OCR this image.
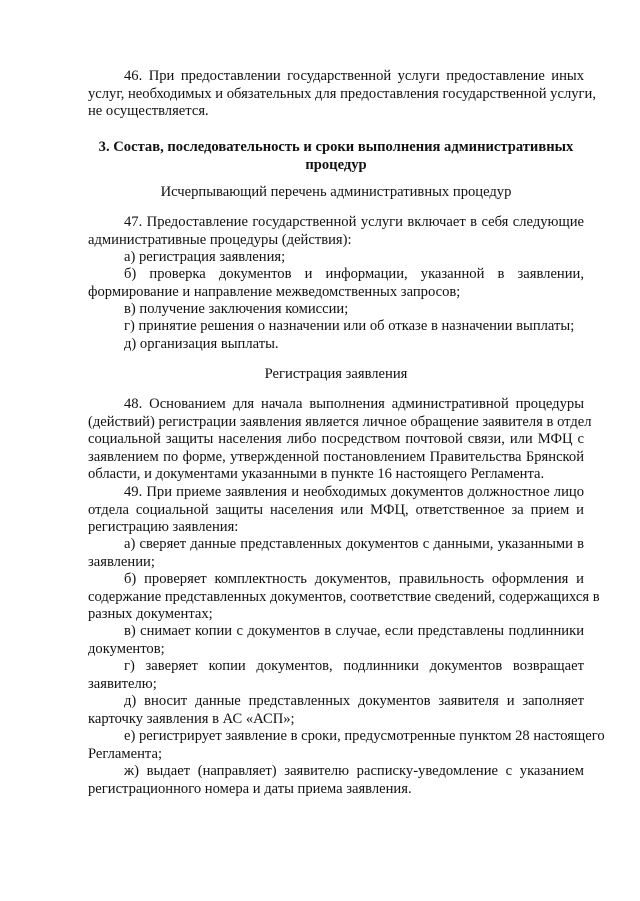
46. При предоставлении государственной услуги предоставление иных
услуг, необходимых и обязательных для предоставления государственной услуги,
не осуществляется.
3. Состав, последовательность и сроки выполнения административных
процедур
Исчерпывающий перечень административных процедур
47. Предоставление государственной услуги включает в себя следующие
административные процедуры (действия):
а) регистрация заявления;
б) проверка документов и информации, указанной в заявлении,
формирование и направление межведомственных запросов;
в) получение заключения комиссии;
г) принятие решения о назначении или об отказе в назначении выплаты;
д) организация выплаты.
Регистрация заявления
48. Основанием для начала выполнения административной процедуры
(действий) регистрации заявления является личное обращение заявителя в отдел
социальной защиты населения либо посредством почтовой связи, или МФЦ с
заявлением по форме, утвержденной постановлением Правительства Брянской
области, и документами указанными в пункте 16 настоящего Регламента.
49. При приеме заявления и необходимых документов должностное лицо
отдела социальной защиты населения или МФЦ, ответственное за прием и
регистрацию заявления:
а) сверяет данные представленных документов с данными, указанными в
заявлении;
б) проверяет комплектность документов, правильность оформления и
содержание представленных документов, соответствие сведений, содержащихся в
разных документах;
в) снимает копии с документов в случае, если представлены подлинники
документов;
г) заверяет копии документов, подлинники документов возвращает
заявителю;
д) вносит данные представленных документов заявителя и заполняет
карточку заявления в АС «АСП»;
е) регистрирует заявление в сроки, предусмотренные пунктом 28 настоящего
Регламента;
ж) выдает (направляет) заявителю расписку-уведомление с указанием
регистрационного номера и даты приема заявления.
